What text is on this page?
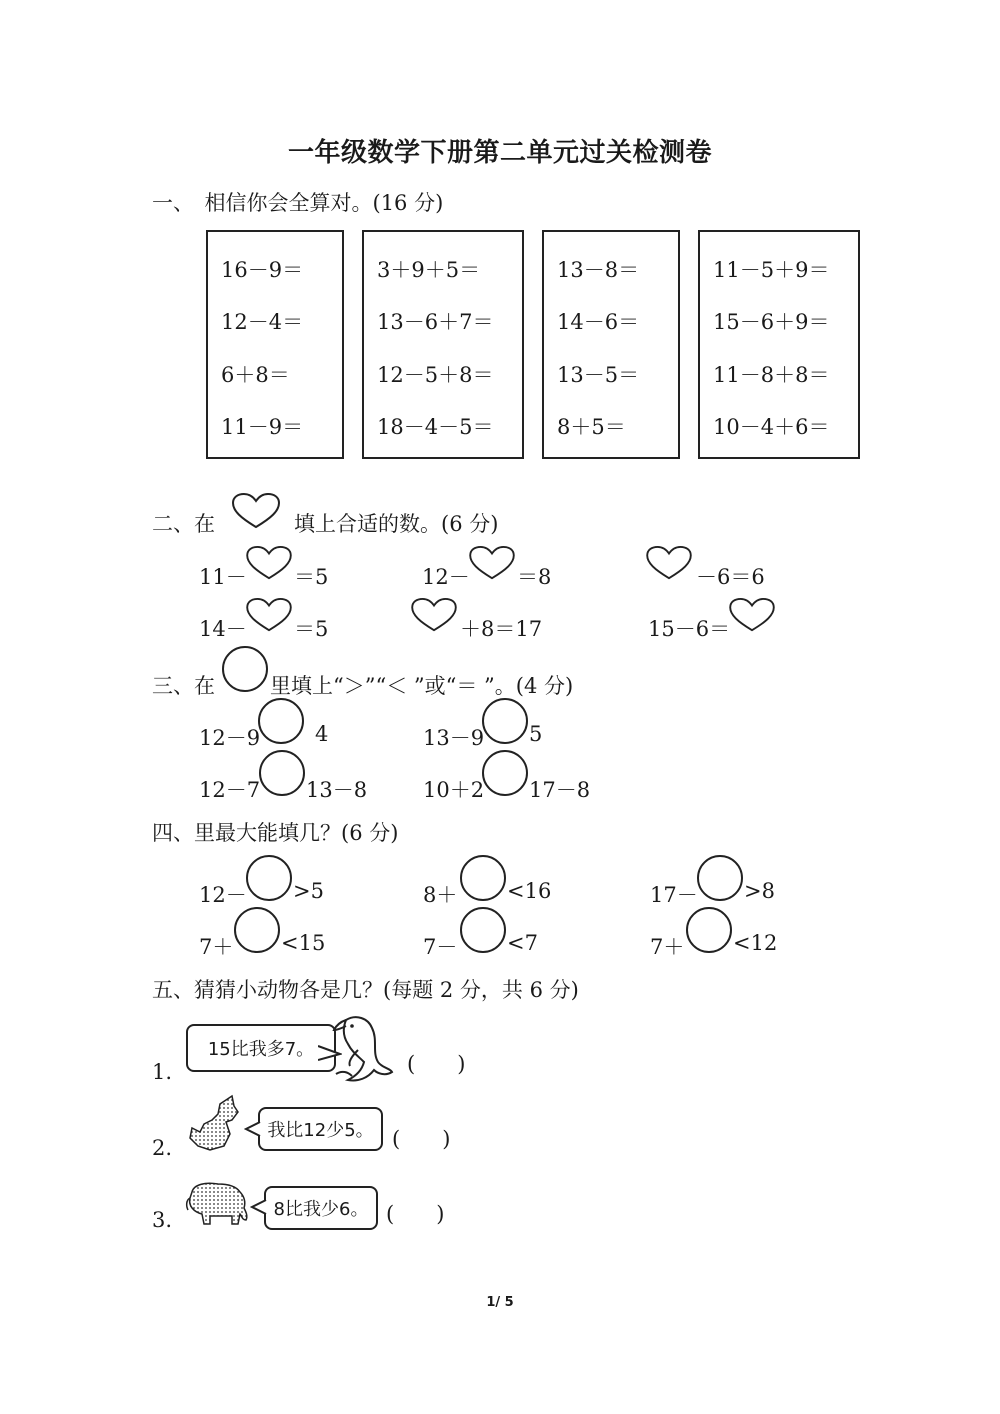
一年级数学下册第二单元过关检测卷
一、　相信你会全算对。(16 分)
16－9＝
12－4＝
6＋8＝
11－9＝
3＋9＋5＝
13－6＋7＝
12－5＋8＝
18－4－5＝
13－8＝
14－6＝
13－5＝
8＋5＝
11－5＋9＝
15－6＋9＝
11－8＋8＝
10－4＋6＝
二、在	填上合适的数。(6 分)
11－ ＝5	12－ ＝8	－6＝6
14－ ＝5	＋8＝17	15－6＝
三、在	里填上“＞”“＜ ”或“＝ ”。(4 分)
12－9	4	13－9 5
12－7 13－8	10＋2 17－8
四、里最大能填几？(6 分)
12－ >5	8＋ <16	17－ >8
7＋ <15	7－ <7	7＋ <12
五、猜猜小动物各是几？(每题 2 分，共 6 分)
1.
15比我多7。
(　　)
2.
我比12少5。 (　　)
3.	8比我少6。 (　　)
1/ 5
